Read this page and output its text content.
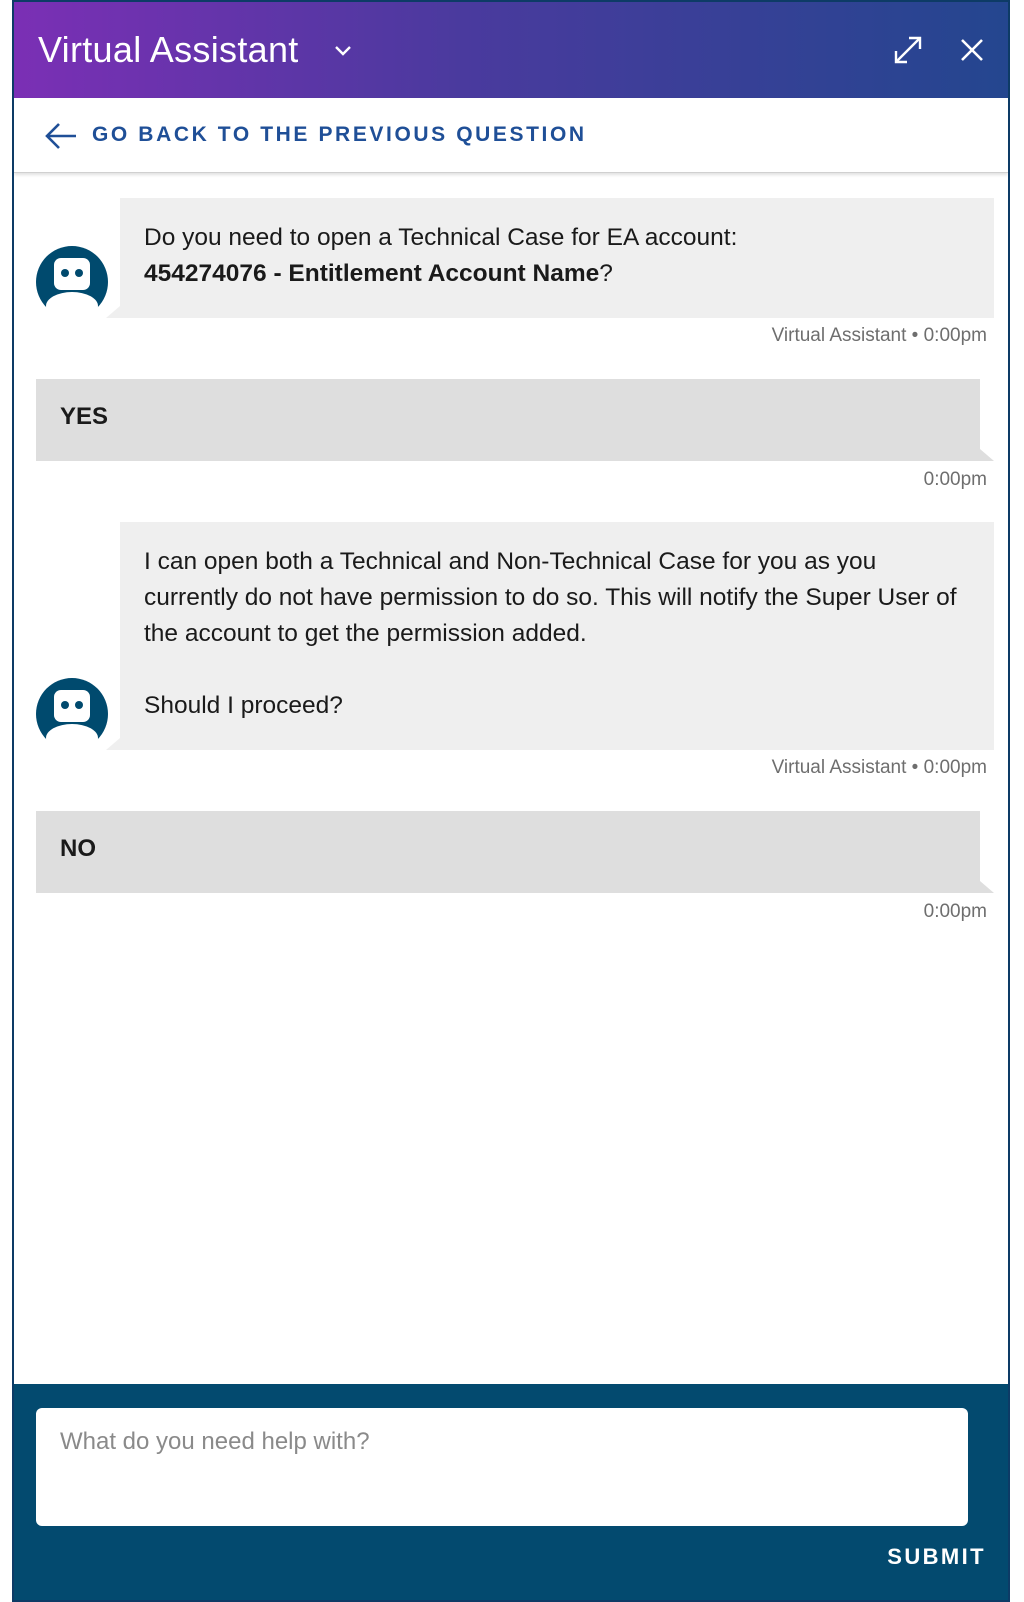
Virtual Assistant
GO BACK TO THE PREVIOUS QUESTION
Do you need to open a Technical Case for EA account:
454274076 - Entitlement Account Name?
Virtual Assistant • 0:00pm
YES
0:00pm
I can open both a Technical and Non-Technical Case for you as you currently do not have permission to do so. This will notify the Super User of the account to get the permission added.
Should I proceed?
Virtual Assistant • 0:00pm
NO
0:00pm
What do you need help with?
SUBMIT
